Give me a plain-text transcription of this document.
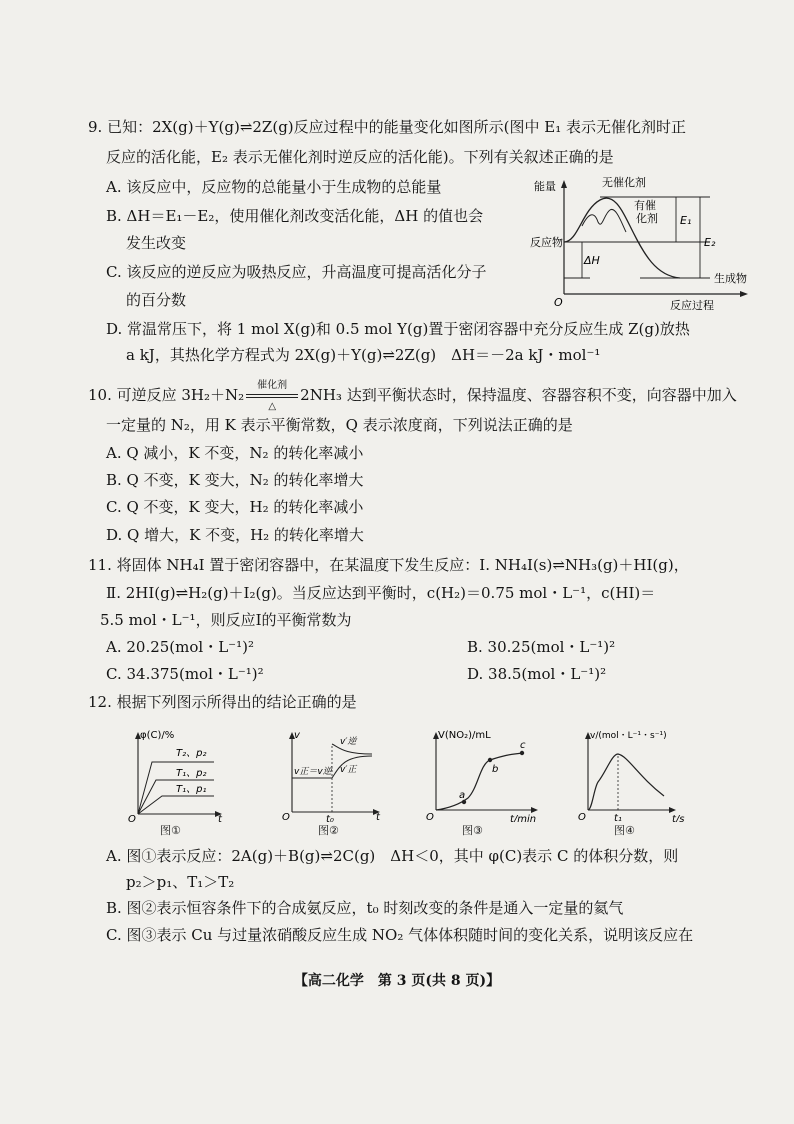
9. 已知：2X(g)＋Y(g)⇌2Z(g)反应过程中的能量变化如图所示(图中 E₁ 表示无催化剂时正
反应的活化能，E₂ 表示无催化剂时逆反应的活化能)。下列有关叙述正确的是
A. 该反应中，反应物的总能量小于生成物的总能量
B. ΔH＝E₁－E₂，使用催化剂改变活化能，ΔH 的值也会
发生改变
C. 该反应的逆反应为吸热反应，升高温度可提高活化分子
的百分数
D. 常温常压下，将 1 mol X(g)和 0.5 mol Y(g)置于密闭容器中充分反应生成 Z(g)放热
a kJ，其热化学方程式为 2X(g)＋Y(g)⇌2Z(g)　ΔH＝－2a kJ・mol⁻¹
能量
反应过程
O
无催化剂
有催
化剂
反应物
生成物
E₁
E₂
ΔH
10. 可逆反应 3H₂＋N₂
催化剂
△
2NH₃ 达到平衡状态时，保持温度、容器容积不变，向容器中加入
一定量的 N₂，用 K 表示平衡常数，Q 表示浓度商，下列说法正确的是
A. Q 减小，K 不变，N₂ 的转化率减小
B. Q 不变，K 变大，N₂ 的转化率增大
C. Q 不变，K 变大，H₂ 的转化率减小
D. Q 增大，K 不变，H₂ 的转化率增大
11. 将固体 NH₄I 置于密闭容器中，在某温度下发生反应：Ⅰ. NH₄I(s)⇌NH₃(g)＋HI(g)，
Ⅱ. 2HI(g)⇌H₂(g)＋I₂(g)。当反应达到平衡时，c(H₂)＝0.75 mol・L⁻¹，c(HI)＝
5.5 mol・L⁻¹，则反应Ⅰ的平衡常数为
A. 20.25(mol・L⁻¹)²	B. 30.25(mol・L⁻¹)²
C. 34.375(mol・L⁻¹)²	D. 38.5(mol・L⁻¹)²
12. 根据下列图示所得出的结论正确的是
φ(C)/%
t
O
T₂、p₂
T₁、p₂
T₁、p₁
图①
v
t
O	t₀
v正＝v逆
v′逆
v′正
图②
V(NO₂)/mL
t/min
O
a
b
c
图③
v/(mol・L⁻¹・s⁻¹)
t/s
O	t₁
图④
A. 图①表示反应：2A(g)＋B(g)⇌2C(g)　ΔH＜0，其中 φ(C)表示 C 的体积分数，则
p₂＞p₁、T₁＞T₂
B. 图②表示恒容条件下的合成氨反应，t₀ 时刻改变的条件是通入一定量的氦气
C. 图③表示 Cu 与过量浓硝酸反应生成 NO₂ 气体体积随时间的变化关系，说明该反应在
【高二化学　第 3 页(共 8 页)】
